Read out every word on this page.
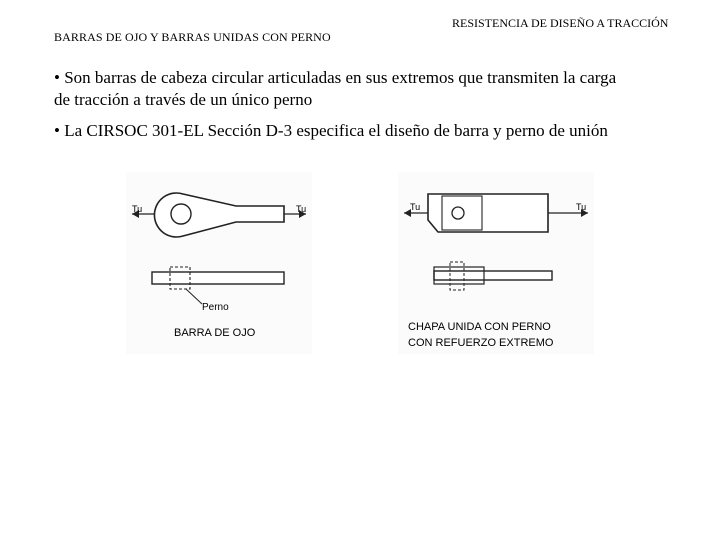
BARRAS DE OJO Y BARRAS UNIDAS CON PERNO
RESISTENCIA DE DISEÑO A TRACCIÓN
• Son barras de cabeza circular articuladas en sus extremos que transmiten la carga
de tracción a través de un único perno
• La CIRSOC 301-EL Sección D-3 especifica el diseño de barra y perno de unión
Tu	Tu
Perno
BARRA DE OJO
Tu	Tu
CHAPA UNIDA CON PERNO
CON REFUERZO EXTREMO
